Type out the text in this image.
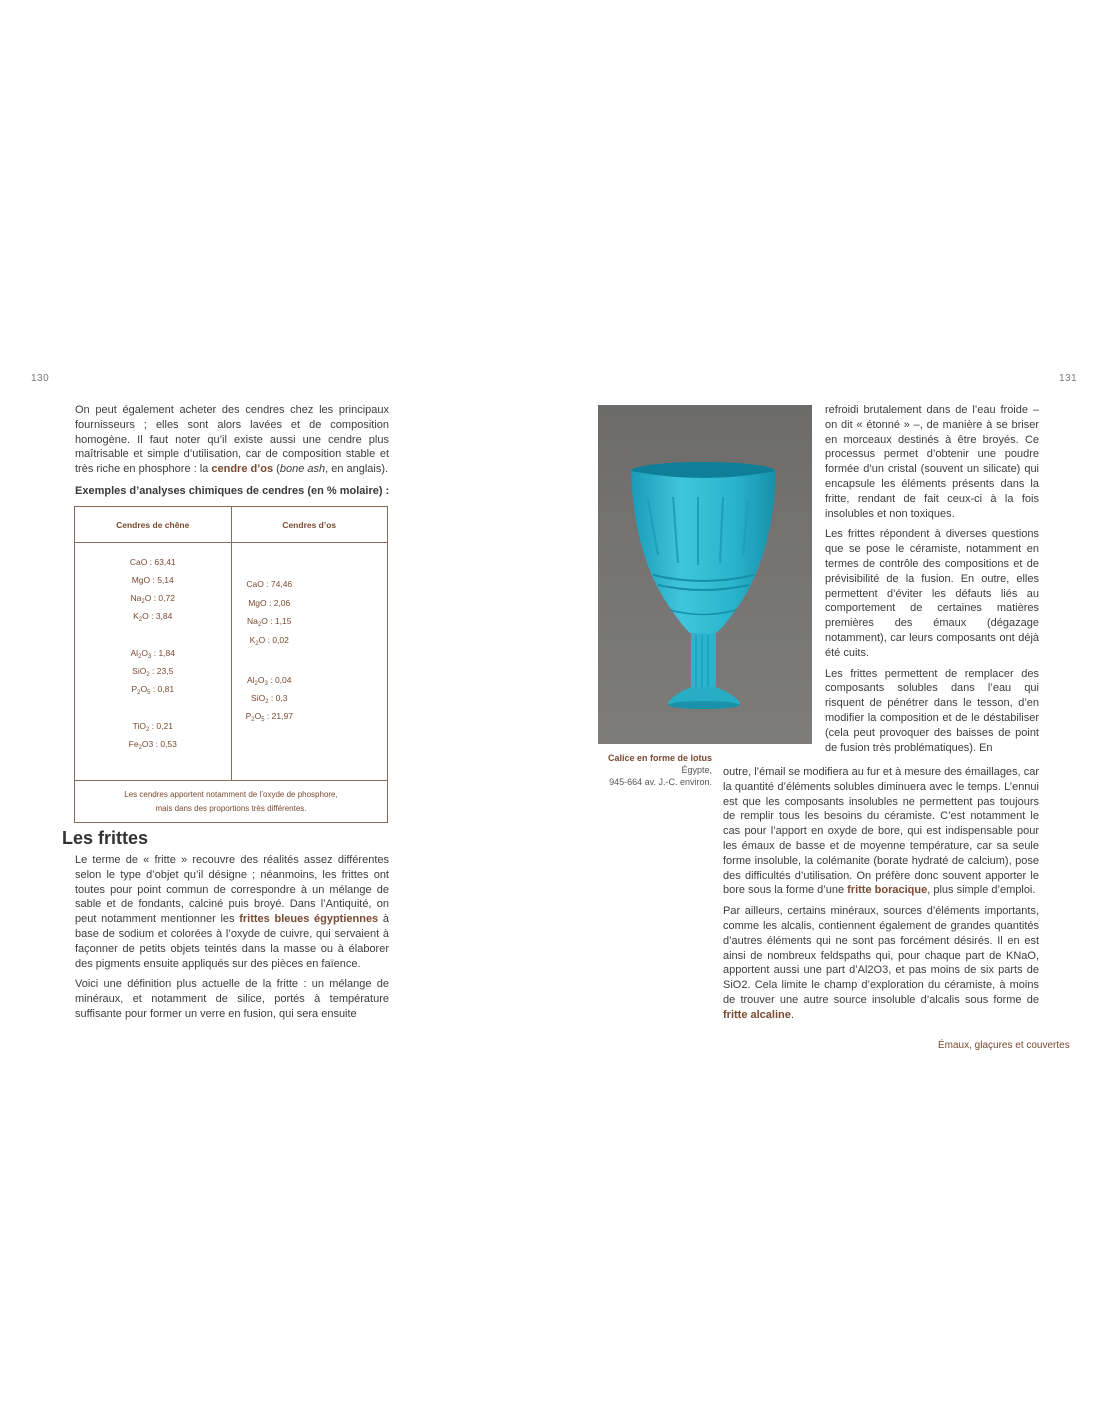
130	131
On peut également acheter des cendres chez les principaux fournisseurs ; elles sont alors lavées et de composition homogène. Il faut noter qu’il existe aussi une cendre plus maîtrisable et simple d’utilisation, car de composition stable et très riche en phosphore : la cendre d’os (bone ash, en anglais).
Exemples d’analyses chimiques de cendres (en % molaire) :
Cendres de chêne	Cendres d’os
CaO : 63,41
MgO : 5,14
$Na_2O$ : 0,72
$K_2O$ : 3,84
$Al_2O_3$ : 1,84
SiO$_2$ : 23,5
$P_2O_5$ : 0,81
TiO$_2$ : 0,21
$Fe_2O3$ : 0,53
CaO : 74,46
MgO : 2,06
$Na_2O$ : 1,15
$K_2O$ : 0,02
$Al_2O_3$ : 0,04
SiO$_2$ : 0,3
$P_2O_5$ : 21,97
Les cendres apportent notamment de l’oxyde de phosphore,
mais dans des proportions très différentes.
Les frittes

Le terme de « fritte » recouvre des réalités assez différentes selon le type d’objet qu’il désigne ; néanmoins, les frittes ont toutes pour point commun de correspondre à un mélange de sable et de fondants, calciné puis broyé. Dans l’Antiquité, on peut notamment mentionner les frittes bleues égyptiennes à base de sodium et colorées à l’oxyde de cuivre, qui servaient à façonner de petits objets teintés dans la masse ou à élaborer des pigments ensuite appliqués sur des pièces en faïence.

Voici une définition plus actuelle de la fritte : un mélange de minéraux, et notamment de silice, portés à température suffisante pour former un verre en fusion, qui sera ensuite

Calice en forme de lotus
Égypte,
945-664 av. J.-C. environ.

refroidi brutalement dans de l’eau froide – on dit « étonné » –, de manière à se briser en morceaux destinés à être broyés. Ce processus permet d’obtenir une poudre formée d’un cristal (souvent un silicate) qui encapsule les éléments présents dans la fritte, rendant de fait ceux-ci à la fois insolubles et non toxiques.

Les frittes répondent à diverses questions que se pose le céramiste, notamment en termes de contrôle des compositions et de prévisibilité de la fusion. En outre, elles permettent d’éviter les défauts liés au comportement de certaines matières premières des émaux (dégazage notamment), car leurs composants ont déjà été cuits.

Les frittes permettent de remplacer des composants solubles dans l’eau qui risquent de pénétrer dans le tesson, d’en modifier la composition et de le déstabiliser (cela peut provoquer des baisses de point de fusion très problématiques). En

outre, l’émail se modifiera au fur et à mesure des émaillages, car la quantité d’éléments solubles diminuera avec le temps. L’ennui est que les composants insolubles ne permettent pas toujours de remplir tous les besoins du céramiste. C’est notamment le cas pour l’apport en oxyde de bore, qui est indispensable pour les émaux de basse et de moyenne température, car sa seule forme insoluble, la colémanite (borate hydraté de calcium), pose des difficultés d’utilisation. On préfère donc souvent apporter le bore sous la forme d’une fritte boracique, plus simple d’emploi.

Par ailleurs, certains minéraux, sources d’éléments importants, comme les alcalis, contiennent également de grandes quantités d’autres éléments qui ne sont pas forcément désirés. Il en est ainsi de nombreux feldspaths qui, pour chaque part de KNaO, apportent aussi une part d’Al2O3, et pas moins de six parts de SiO2. Cela limite le champ d’exploration du céramiste, à moins de trouver une autre source insoluble d’alcalis sous forme de fritte alcaline.

Émaux, glaçures et couvertes
